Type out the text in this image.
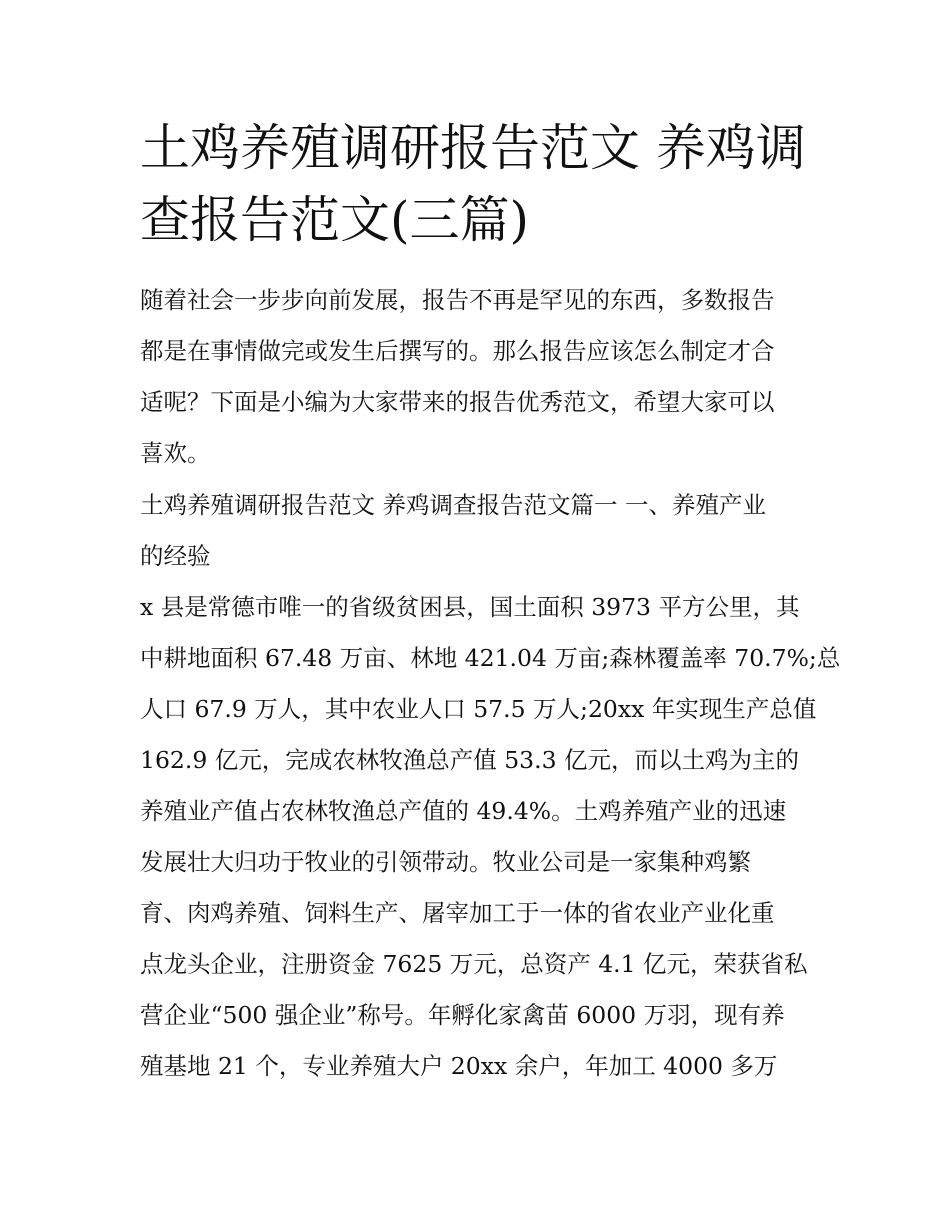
土鸡养殖调研报告范文 养鸡调
查报告范文(三篇)
随着社会一步步向前发展，报告不再是罕见的东西，多数报告
都是在事情做完或发生后撰写的。那么报告应该怎么制定才合
适呢？下面是小编为大家带来的报告优秀范文，希望大家可以
喜欢。
土鸡养殖调研报告范文 养鸡调查报告范文篇一 一、养殖产业
的经验
x 县是常德市唯一的省级贫困县，国土面积 3973 平方公里，其
中耕地面积 67.48 万亩、林地 421.04 万亩;森林覆盖率 70.7%;总
人口 67.9 万人，其中农业人口 57.5 万人;20xx 年实现生产总值
162.9 亿元，完成农林牧渔总产值 53.3 亿元，而以土鸡为主的
养殖业产值占农林牧渔总产值的 49.4%。土鸡养殖产业的迅速
发展壮大归功于牧业的引领带动。牧业公司是一家集种鸡繁
育、肉鸡养殖、饲料生产、屠宰加工于一体的省农业产业化重
点龙头企业，注册资金 7625 万元，总资产 4.1 亿元，荣获省私
营企业“500 强企业”称号。年孵化家禽苗 6000 万羽，现有养
殖基地 21 个，专业养殖大户 20xx 余户，年加工 4000 多万
